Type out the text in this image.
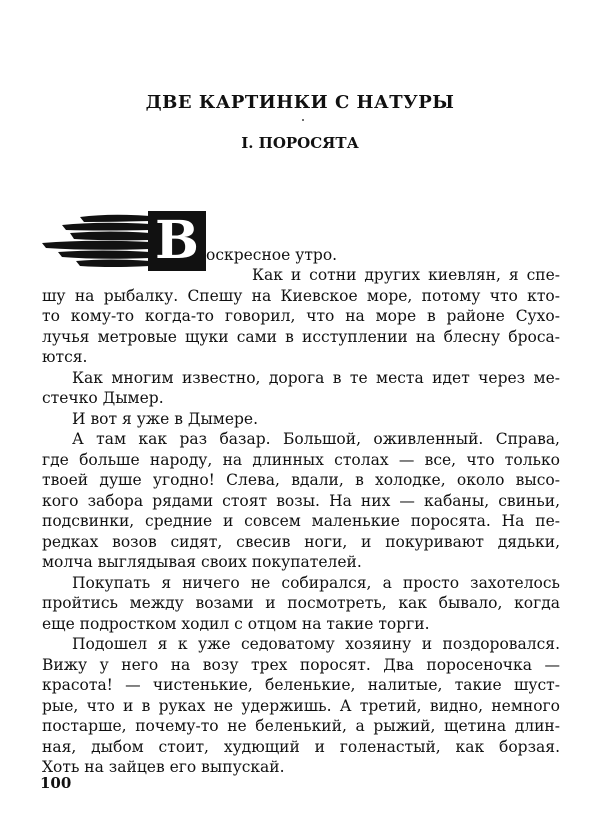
ДВЕ КАРТИНКИ С НАТУРЫ
I. ПОРОСЯТА
В оскресное утро.
Как и сотни других киевлян, я спе-
шу на рыбалку. Спешу на Киевское море, потому что кто-
то кому-то когда-то говорил, что на море в районе Сухо-
лучья метровые щуки сами в исступлении на блесну броса-
ются.
Как многим известно, дорога в те места идет через ме-
стечко Дымер.
И вот я уже в Дымере.
А там как раз базар. Большой, оживленный. Справа,
где больше народу, на длинных столах — все, что только
твоей душе угодно! Слева, вдали, в холодке, около высо-
кого забора рядами стоят возы. На них — кабаны, свиньи,
подсвинки, средние и совсем маленькие поросята. На пе-
редках возов сидят, свесив ноги, и покуривают дядьки,
молча выглядывая своих покупателей.
Покупать я ничего не собирался, а просто захотелось
пройтись между возами и посмотреть, как бывало, когда
еще подростком ходил с отцом на такие торги.
Подошел я к уже седоватому хозяину и поздоровался.
Вижу у него на возу трех поросят. Два поросеночка —
красота! — чистенькие, беленькие, налитые, такие шуст-
рые, что и в руках не удержишь. А третий, видно, немного
постарше, почему-то не беленький, а рыжий, щетина длин-
ная, дыбом стоит, худющий и голенастый, как борзая.
Хоть на зайцев его выпускай.
100
